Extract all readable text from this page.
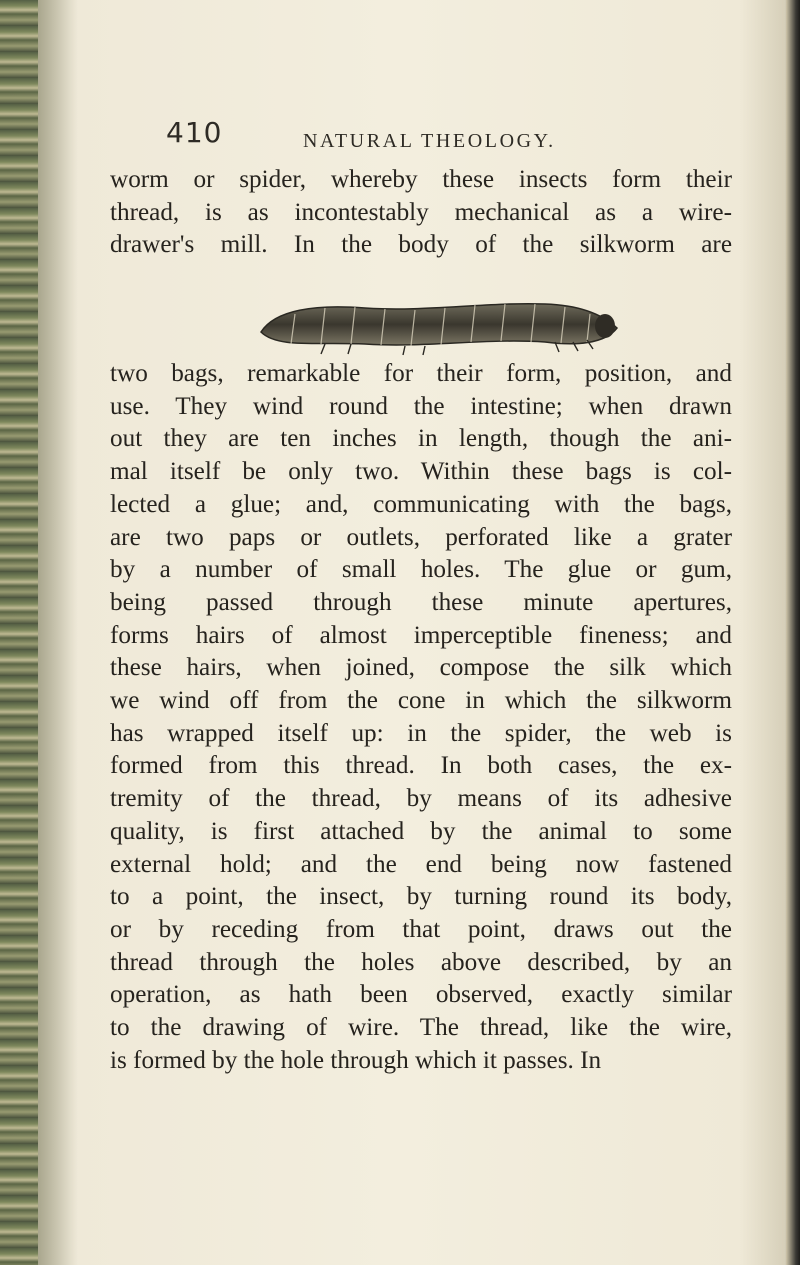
410	NATURAL THEOLOGY.

worm or spider, whereby these insects form their
thread, is as incontestably mechanical as a wire-
drawer's mill. In the body of the silkworm are

two bags, remarkable for their form, position, and
use. They wind round the intestine; when drawn
out they are ten inches in length, though the ani-
mal itself be only two. Within these bags is col-
lected a glue; and, communicating with the bags,
are two paps or outlets, perforated like a grater
by a number of small holes. The glue or gum,
being passed through these minute apertures,
forms hairs of almost imperceptible fineness; and
these hairs, when joined, compose the silk which
we wind off from the cone in which the silkworm
has wrapped itself up: in the spider, the web is
formed from this thread. In both cases, the ex-
tremity of the thread, by means of its adhesive
quality, is first attached by the animal to some
external hold; and the end being now fastened
to a point, the insect, by turning round its body,
or by receding from that point, draws out the
thread through the holes above described, by an
operation, as hath been observed, exactly similar
to the drawing of wire. The thread, like the wire,
is formed by the hole through which it passes. In
